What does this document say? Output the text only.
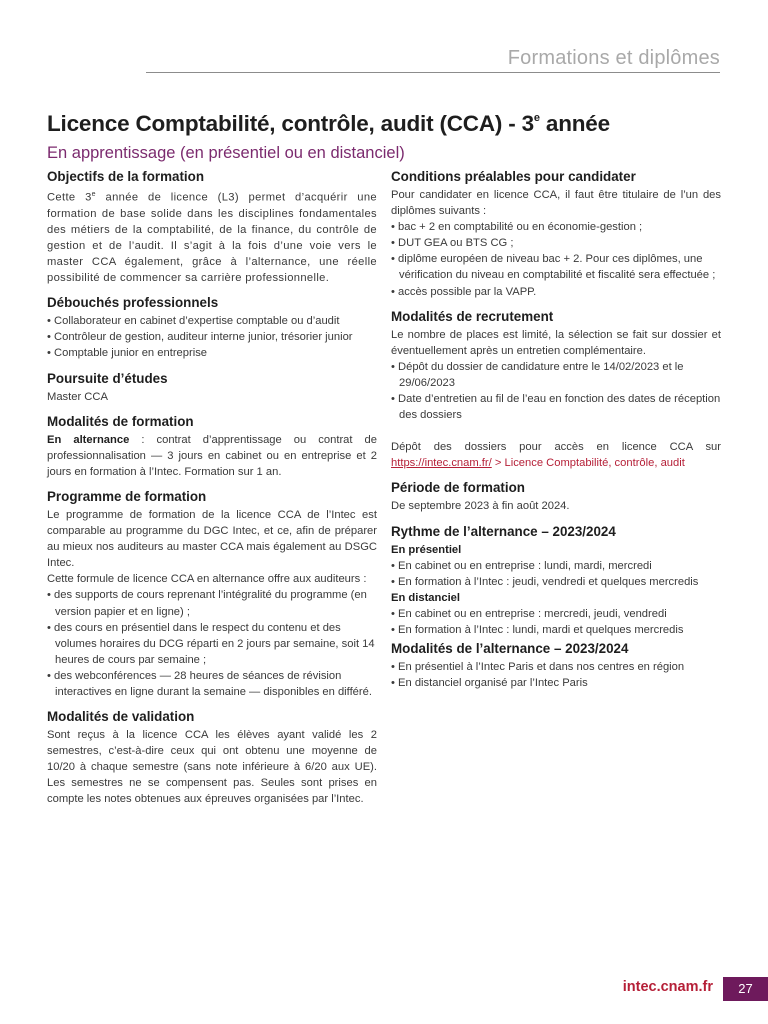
Formations et diplômes
Licence Comptabilité, contrôle, audit (CCA) - 3e année
En apprentissage (en présentiel ou en distanciel)
Objectifs de la formation

Cette 3e année de licence (L3) permet d’acquérir une formation de base solide dans les disciplines fondamentales des métiers de la comptabilité, de la finance, du contrôle de gestion et de l’audit. Il s’agit à la fois d’une voie vers le master CCA également, grâce à l’alternance, une réelle possibilité de commencer sa carrière professionnelle.

Débouchés professionnels
• Collaborateur en cabinet d’expertise comptable ou d’audit
• Contrôleur de gestion, auditeur interne junior, trésorier junior
• Comptable junior en entreprise
Poursuite d’études

Master CCA

Modalités de formation

En alternance : contrat d’apprentissage ou contrat de professionnalisation — 3 jours en cabinet ou en entreprise et 2 jours en formation à l’Intec. Formation sur 1 an.

Programme de formation

Le programme de formation de la licence CCA de l’Intec est comparable au programme du DGC Intec, et ce, afin de préparer au mieux nos auditeurs au master CCA mais également au DSGC Intec.

Cette formule de licence CCA en alternance offre aux auditeurs :

• des supports de cours reprenant l’intégralité du programme (en version papier et en ligne) ;
• des cours en présentiel dans le respect du contenu et des volumes horaires du DCG réparti en 2 jours par semaine, soit 14 heures de cours par semaine ;
• des webconférences — 28 heures de séances de révision interactives en ligne durant la semaine — disponibles en différé.
Modalités de validation

Sont reçus à la licence CCA les élèves ayant validé les 2 semestres, c’est-à-dire ceux qui ont obtenu une moyenne de 10/20 à chaque semestre (sans note inférieure à 6/20 aux UE). Les semestres ne se compensent pas. Seules sont prises en compte les notes obtenues aux épreuves organisées par l’Intec.

Conditions préalables pour candidater

Pour candidater en licence CCA, il faut être titulaire de l’un des diplômes suivants :

• bac + 2 en comptabilité ou en économie-gestion ;
• DUT GEA ou BTS CG ;
• diplôme européen de niveau bac + 2. Pour ces diplômes, une vérification du niveau en comptabilité et fiscalité sera effectuée ;
• accès possible par la VAPP.
Modalités de recrutement

Le nombre de places est limité, la sélection se fait sur dossier et éventuellement après un entretien complémentaire.

• Dépôt du dossier de candidature entre le 14/02/2023 et le 29/06/2023
• Date d’entretien au fil de l’eau en fonction des dates de réception des dossiers

Dépôt des dossiers pour accès en licence CCA sur https://intec.cnam.fr/ > Licence Comptabilité, contrôle, audit

Période de formation

De septembre 2023 à fin août 2024.

Rythme de l’alternance – 2023/2024
En présentiel
• En cabinet ou en entreprise : lundi, mardi, mercredi
• En formation à l’Intec : jeudi, vendredi et quelques mercredis
En distanciel
• En cabinet ou en entreprise : mercredi, jeudi, vendredi
• En formation à l’Intec : lundi, mardi et quelques mercredis
Modalités de l’alternance – 2023/2024
• En présentiel à l’Intec Paris et dans nos centres en région
• En distanciel organisé par l’Intec Paris
intec.cnam.fr	27
